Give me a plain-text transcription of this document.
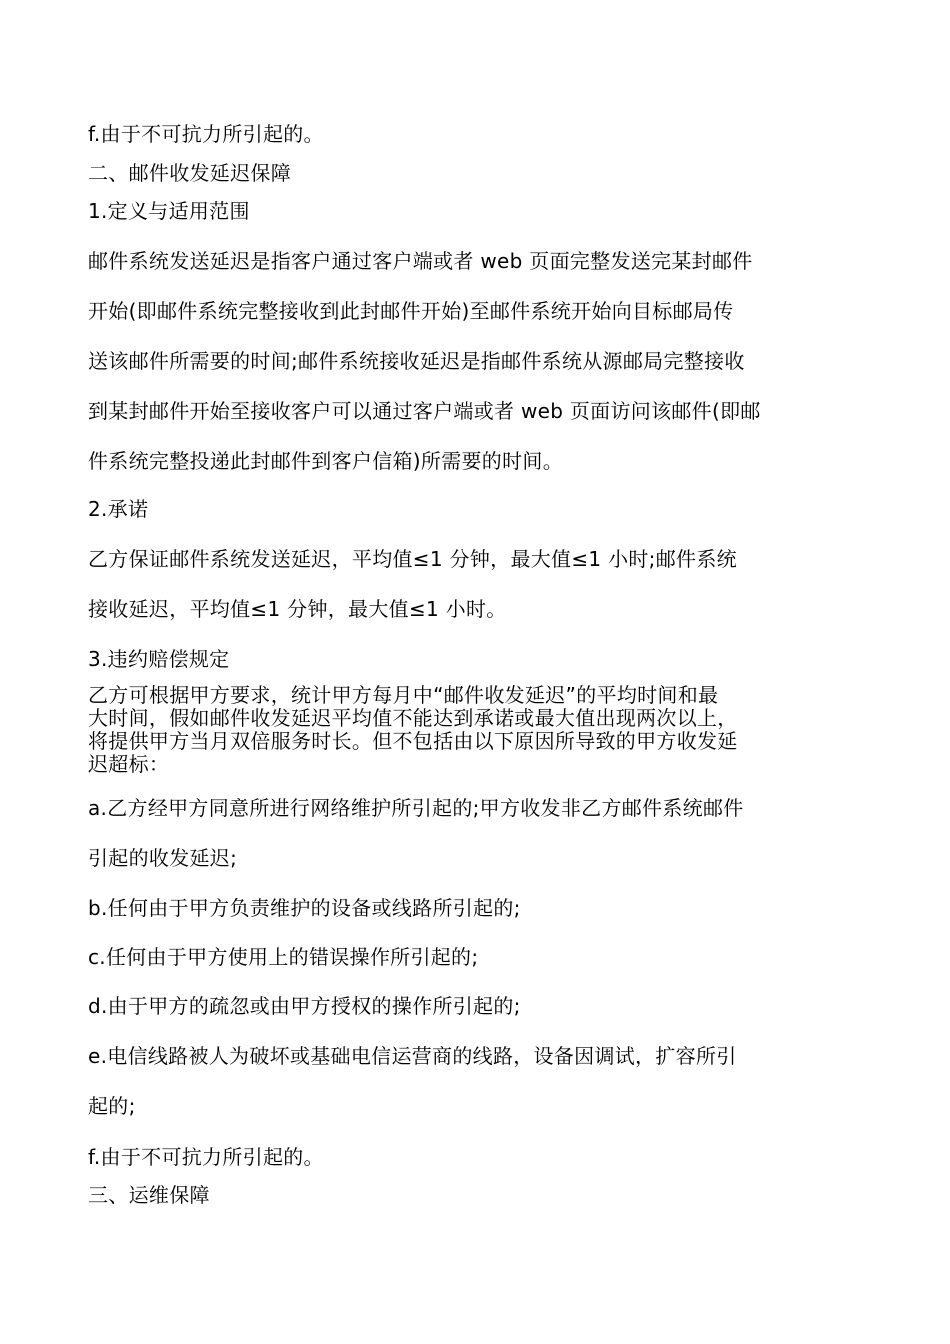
f.由于不可抗力所引起的。
二、邮件收发延迟保障
1.定义与适用范围
邮件系统发送延迟是指客户通过客户端或者 web 页面完整发送完某封邮件
开始(即邮件系统完整接收到此封邮件开始)至邮件系统开始向目标邮局传
送该邮件所需要的时间;邮件系统接收延迟是指邮件系统从源邮局完整接收
到某封邮件开始至接收客户可以通过客户端或者 web 页面访问该邮件(即邮
件系统完整投递此封邮件到客户信箱)所需要的时间。
2.承诺
乙方保证邮件系统发送延迟，平均值≤1 分钟，最大值≤1 小时;邮件系统
接收延迟，平均值≤1 分钟，最大值≤1 小时。
3.违约赔偿规定
乙方可根据甲方要求，统计甲方每月中“邮件收发延迟”的平均时间和最
大时间，假如邮件收发延迟平均值不能达到承诺或最大值出现两次以上，
将提供甲方当月双倍服务时长。但不包括由以下原因所导致的甲方收发延
迟超标：
a.乙方经甲方同意所进行网络维护所引起的;甲方收发非乙方邮件系统邮件
引起的收发延迟;
b.任何由于甲方负责维护的设备或线路所引起的;
c.任何由于甲方使用上的错误操作所引起的;
d.由于甲方的疏忽或由甲方授权的操作所引起的;
e.电信线路被人为破坏或基础电信运营商的线路，设备因调试，扩容所引
起的;
f.由于不可抗力所引起的。
三、运维保障
